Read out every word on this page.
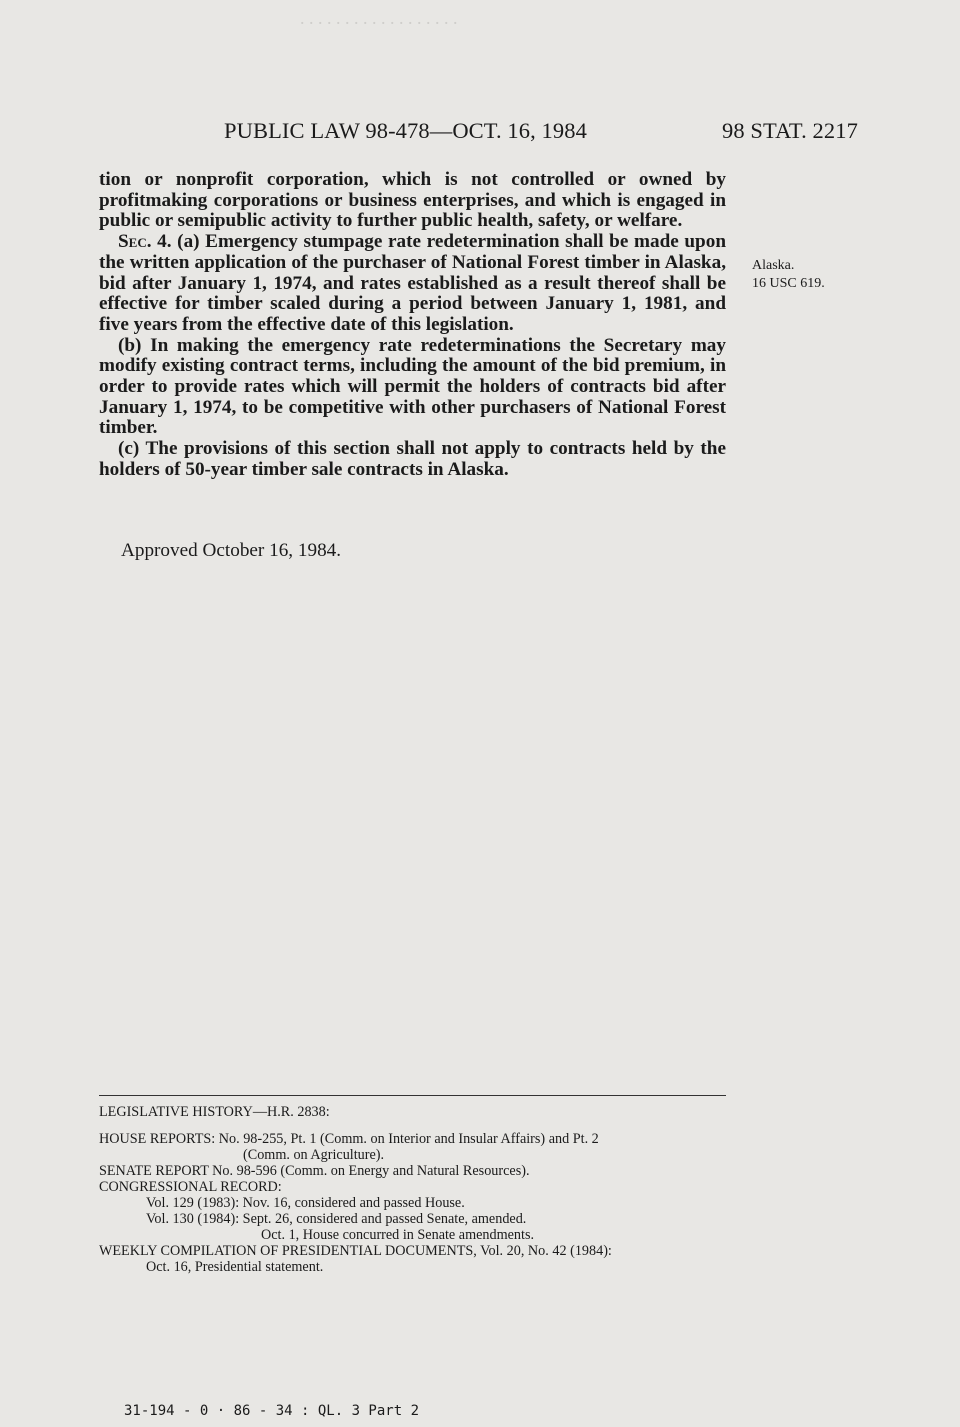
. . . . . . . . . . . . . . . . . .
PUBLIC LAW 98-478—OCT. 16, 1984	98 STAT. 2217

tion or nonprofit corporation, which is not controlled or owned by profitmaking corporations or business enterprises, and which is engaged in public or semipublic activity to further public health, safety, or welfare.

Sec. 4. (a) Emergency stumpage rate redetermination shall be made upon the written application of the purchaser of National Forest timber in Alaska, bid after January 1, 1974, and rates established as a result thereof shall be effective for timber scaled during a period between January 1, 1981, and five years from the effective date of this legislation.

(b) In making the emergency rate redeterminations the Secretary may modify existing contract terms, including the amount of the bid premium, in order to provide rates which will permit the holders of contracts bid after January 1, 1974, to be competitive with other purchasers of National Forest timber.

(c) The provisions of this section shall not apply to contracts held by the holders of 50-year timber sale contracts in Alaska.

Alaska.
16 USC 619.
Approved October 16, 1984.
LEGISLATIVE HISTORY—H.R. 2838:
HOUSE REPORTS: No. 98-255, Pt. 1 (Comm. on Interior and Insular Affairs) and Pt. 2
(Comm. on Agriculture).
SENATE REPORT No. 98-596 (Comm. on Energy and Natural Resources).
CONGRESSIONAL RECORD:
Vol. 129 (1983): Nov. 16, considered and passed House.
Vol. 130 (1984): Sept. 26, considered and passed Senate, amended.
Oct. 1, House concurred in Senate amendments.
WEEKLY COMPILATION OF PRESIDENTIAL DOCUMENTS, Vol. 20, No. 42 (1984):
Oct. 16, Presidential statement.
31-194 - 0 · 86 - 34 : QL. 3 Part 2
